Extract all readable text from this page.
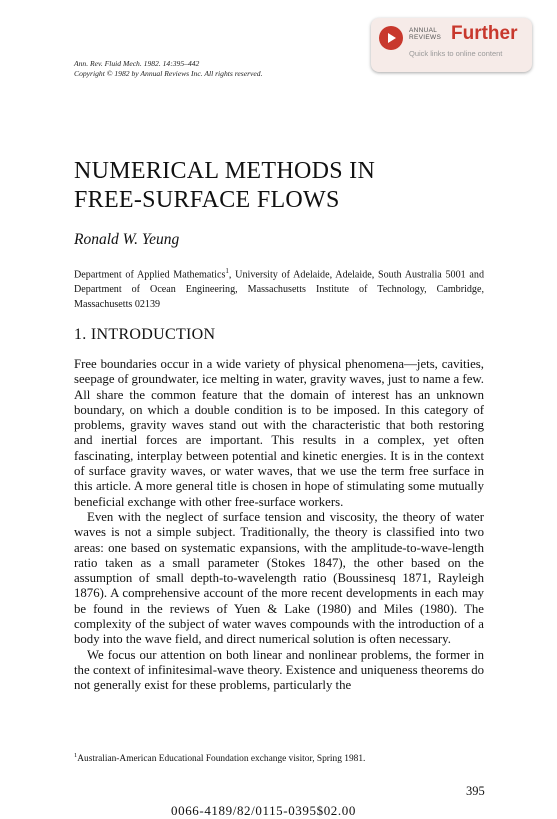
Ann. Rev. Fluid Mech. 1982. 14:395–442
Copyright © 1982 by Annual Reviews Inc. All rights reserved.
ANNUAL REVIEWS Further
Quick links to online content
NUMERICAL METHODS IN
FREE-SURFACE FLOWS
Ronald W. Yeung
Department of Applied Mathematics$^1$, University of Adelaide, Adelaide, South Australia 5001 and Department of Ocean Engineering, Massachusetts Institute of Technology, Cambridge, Massachusetts 02139
1. INTRODUCTION

Free boundaries occur in a wide variety of physical phenomena—jets, cavities, seepage of groundwater, ice melting in water, gravity waves, just to name a few. All share the common feature that the domain of interest has an unknown boundary, on which a double condition is to be imposed. In this category of problems, gravity waves stand out with the characteristic that both restoring and inertial forces are important. This results in a complex, yet often fascinating, interplay between potential and kinetic energies. It is in the context of surface gravity waves, or water waves, that we use the term free surface in this article. A more general title is chosen in hope of stimulating some mutually beneficial exchange with other free-surface workers.

Even with the neglect of surface tension and viscosity, the theory of water waves is not a simple subject. Traditionally, the theory is classified into two areas: one based on systematic expansions, with the amplitude-to-wave-length ratio taken as a small parameter (Stokes 1847), the other based on the assumption of small depth-to-wavelength ratio (Boussinesq 1871, Rayleigh 1876). A comprehensive account of the more recent developments in each may be found in the reviews of Yuen & Lake (1980) and Miles (1980). The complexity of the subject of water waves compounds with the introduction of a body into the wave field, and direct numerical solution is often necessary.

We focus our attention on both linear and nonlinear problems, the former in the context of infinitesimal-wave theory. Existence and uniqueness theorems do not generally exist for these problems, particularly the

$^1$Australian-American Educational Foundation exchange visitor, Spring 1981.
395
0066-4189/82/0115-0395$02.00
